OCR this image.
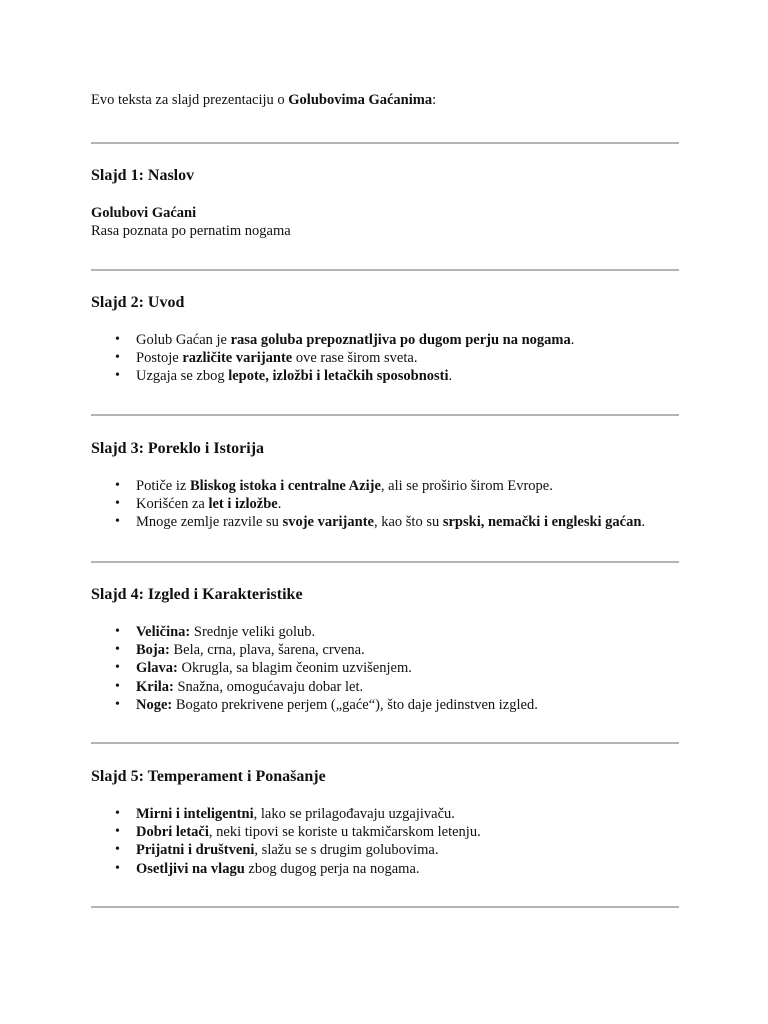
Evo teksta za slajd prezentaciju o Golubovima Gaćanima:
Slajd 1: Naslov
Golubovi Gaćani
Rasa poznata po pernatim nogama
Slajd 2: Uvod
• Golub Gaćan je rasa goluba prepoznatljiva po dugom perju na nogama.
• Postoje različite varijante ove rase širom sveta.
• Uzgaja se zbog lepote, izložbi i letačkih sposobnosti.
Slajd 3: Poreklo i Istorija
• Potiče iz Bliskog istoka i centralne Azije, ali se proširio širom Evrope.
• Korišćen za let i izložbe.
• Mnoge zemlje razvile su svoje varijante, kao što su srpski, nemački i engleski gaćan.
Slajd 4: Izgled i Karakteristike
• Veličina: Srednje veliki golub.
• Boja: Bela, crna, plava, šarena, crvena.
• Glava: Okrugla, sa blagim čeonim uzvišenjem.
• Krila: Snažna, omogućavaju dobar let.
• Noge: Bogato prekrivene perjem („gaće“), što daje jedinstven izgled.
Slajd 5: Temperament i Ponašanje
• Mirni i inteligentni, lako se prilagođavaju uzgajivaču.
• Dobri letači, neki tipovi se koriste u takmičarskom letenju.
• Prijatni i društveni, slažu se s drugim golubovima.
• Osetljivi na vlagu zbog dugog perja na nogama.
